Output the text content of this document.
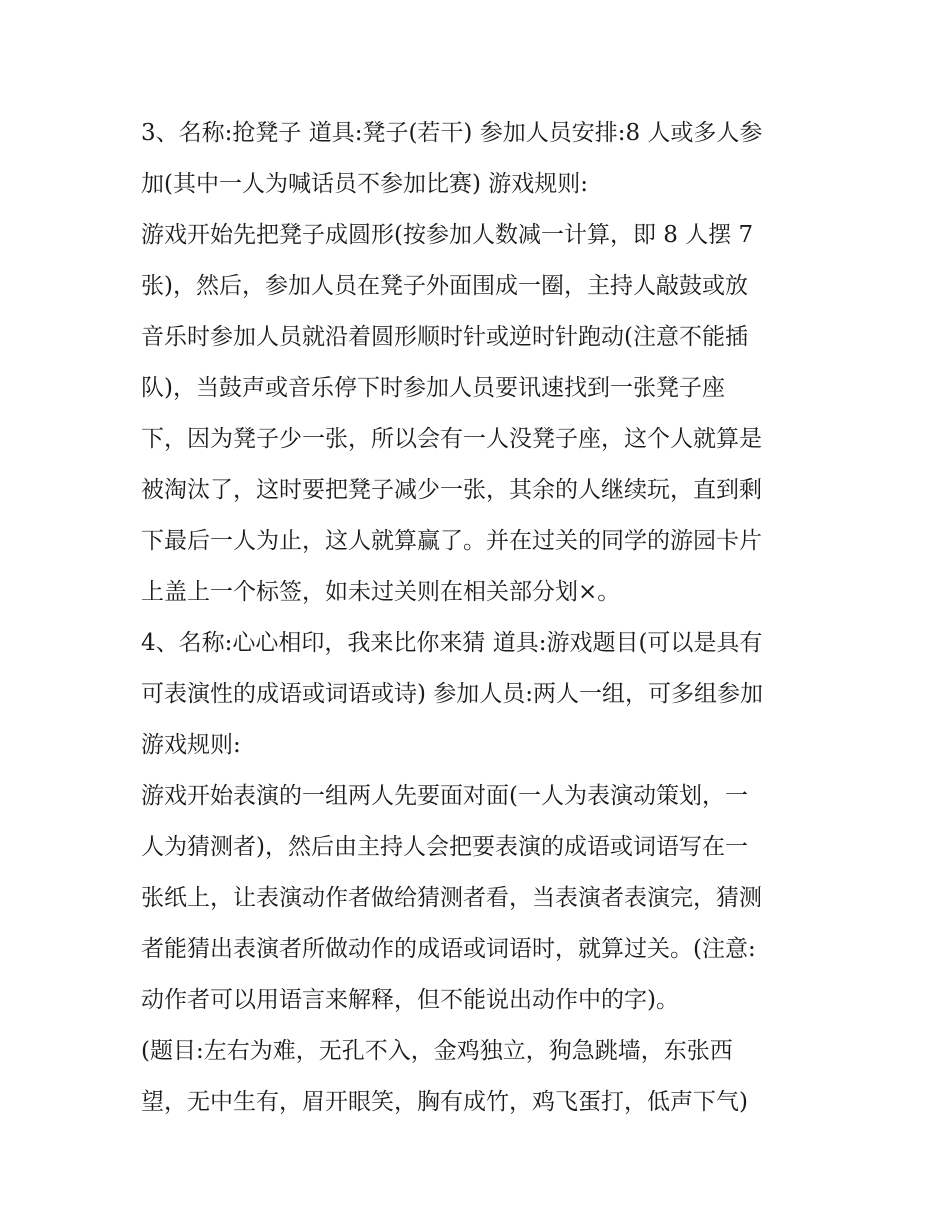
3、名称:抢凳子 道具:凳子(若干) 参加人员安排:8 人或多人参
加(其中一人为喊话员不参加比赛) 游戏规则:
游戏开始先把凳子成圆形(按参加人数减一计算，即 8 人摆 7
张)，然后，参加人员在凳子外面围成一圈，主持人敲鼓或放
音乐时参加人员就沿着圆形顺时针或逆时针跑动(注意不能插
队)，当鼓声或音乐停下时参加人员要讯速找到一张凳子座
下，因为凳子少一张，所以会有一人没凳子座，这个人就算是
被淘汰了，这时要把凳子减少一张，其余的人继续玩，直到剩
下最后一人为止，这人就算赢了。并在过关的同学的游园卡片
上盖上一个标签，如未过关则在相关部分划×。
4、名称:心心相印，我来比你来猜 道具:游戏题目(可以是具有
可表演性的成语或词语或诗) 参加人员:两人一组，可多组参加
游戏规则:
游戏开始表演的一组两人先要面对面(一人为表演动策划，一
人为猜测者)，然后由主持人会把要表演的成语或词语写在一
张纸上，让表演动作者做给猜测者看，当表演者表演完，猜测
者能猜出表演者所做动作的成语或词语时，就算过关。(注意:
动作者可以用语言来解释，但不能说出动作中的字)。
(题目:左右为难，无孔不入，金鸡独立，狗急跳墙，东张西
望，无中生有，眉开眼笑，胸有成竹，鸡飞蛋打，低声下气)
